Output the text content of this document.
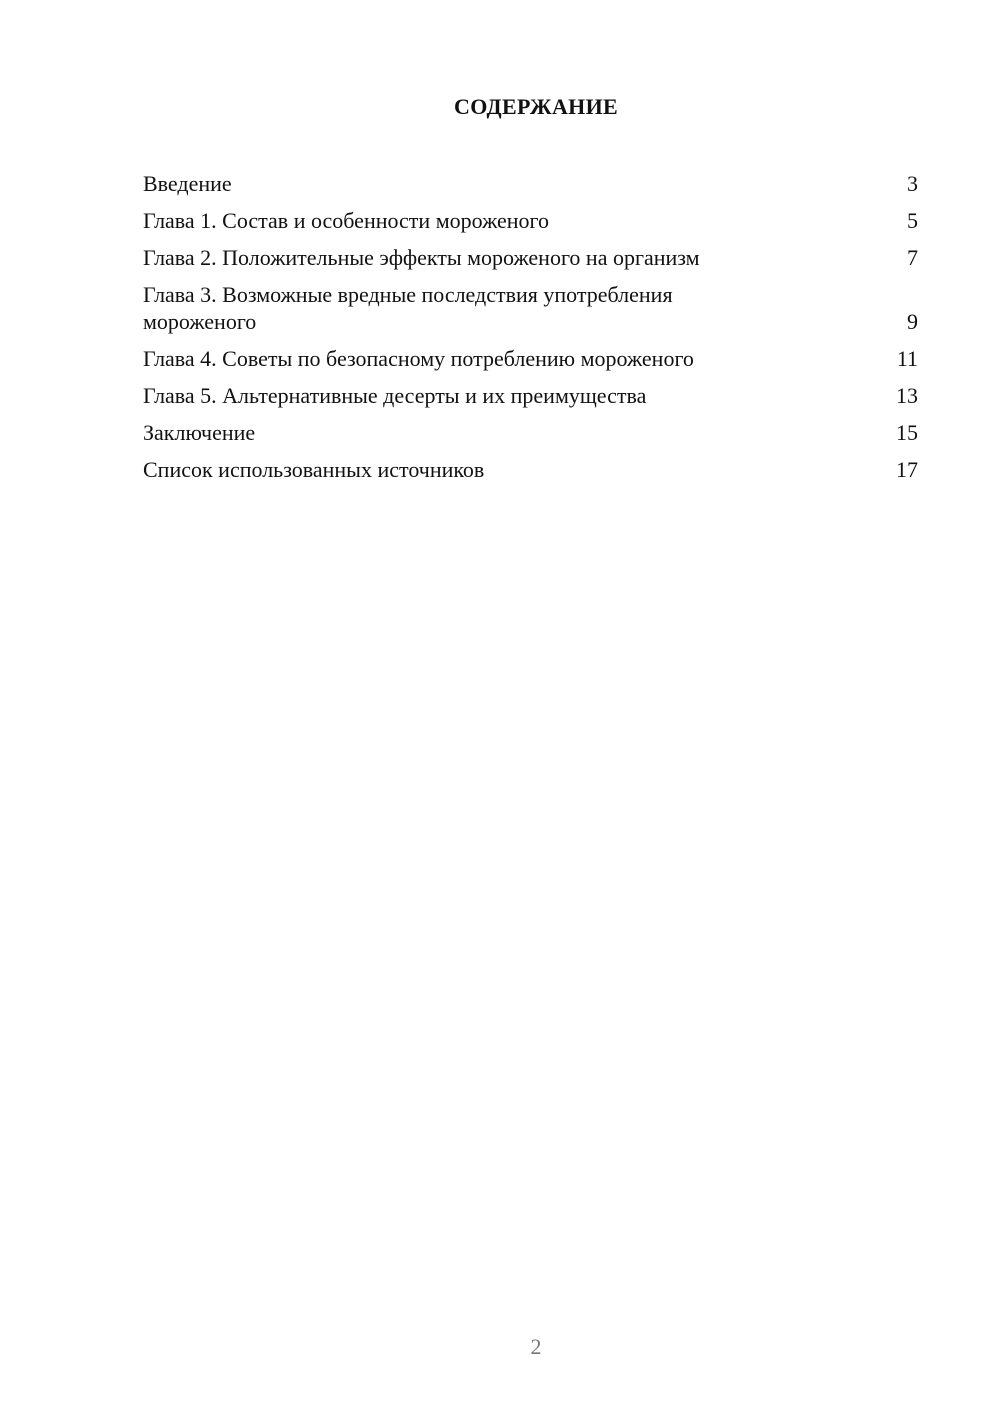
СОДЕРЖАНИЕ
Введение	3
Глава 1. Состав и особенности мороженого	5
Глава 2. Положительные эффекты мороженого на организм	7
Глава 3. Возможные вредные последствия употребления мороженого	9
Глава 4. Советы по безопасному потреблению мороженого	11
Глава 5. Альтернативные десерты и их преимущества	13
Заключение	15
Список использованных источников	17
2
